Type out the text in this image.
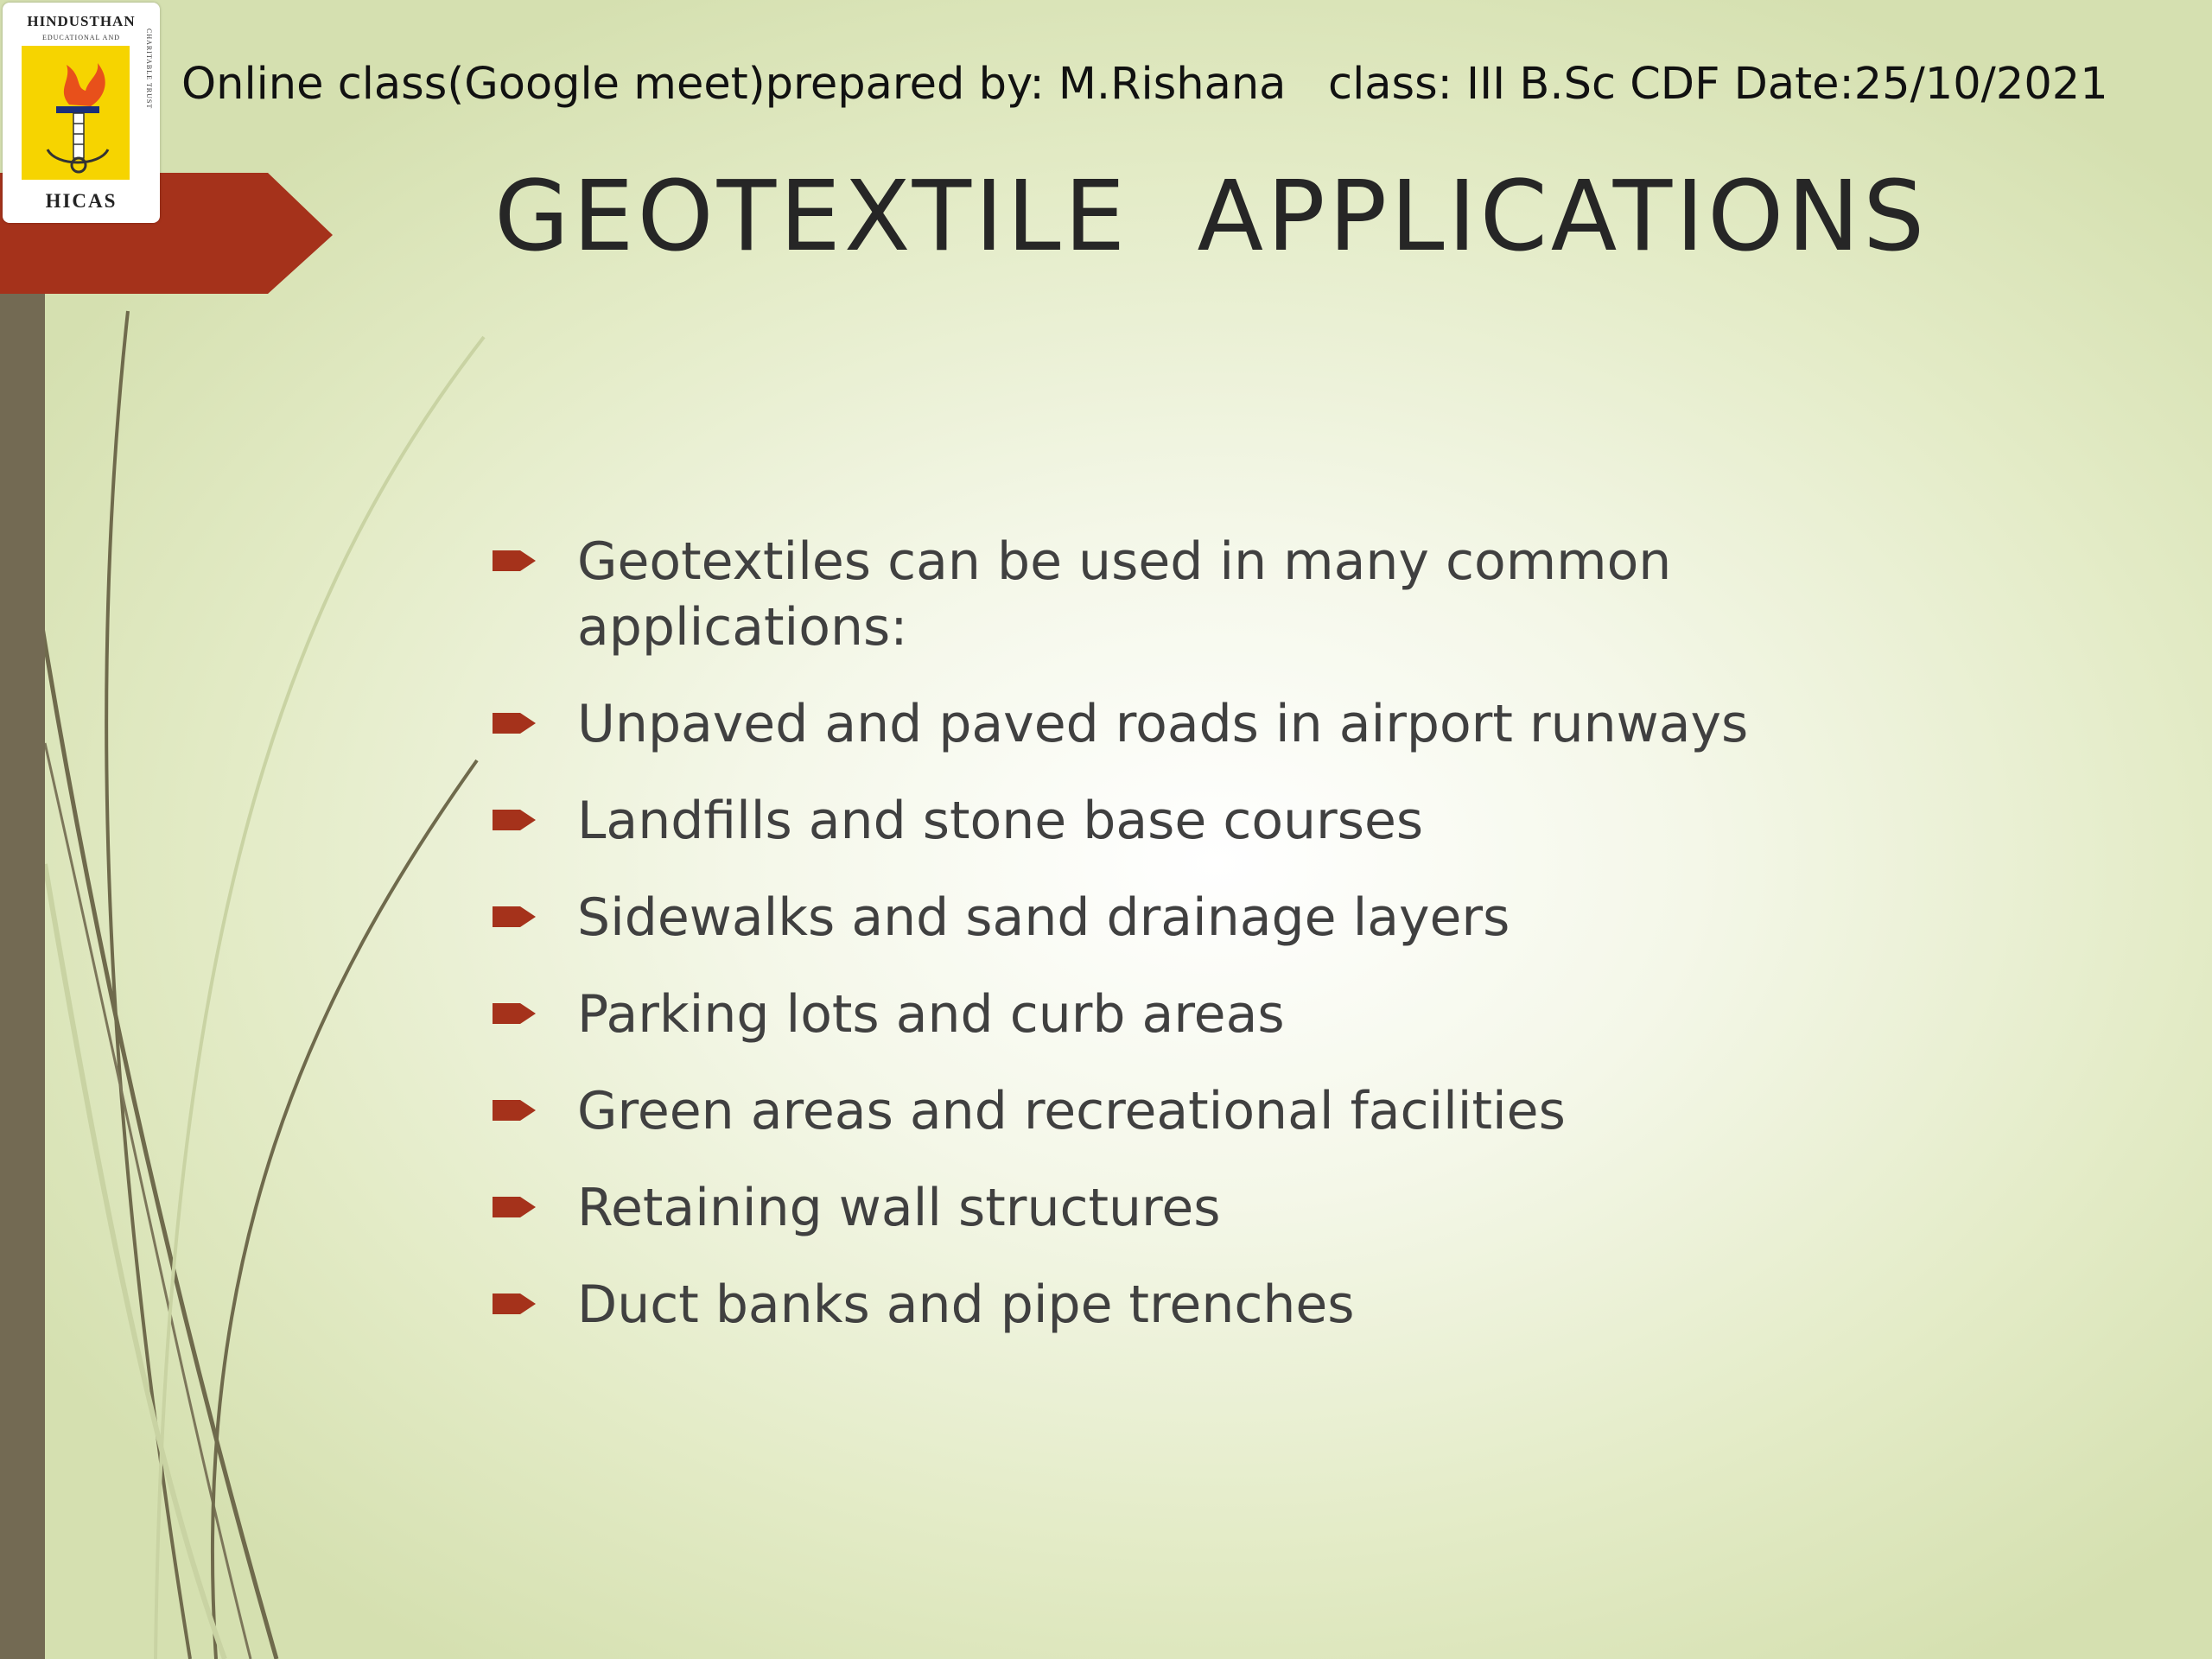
HINDUSTHAN
EDUCATIONAL AND	CHARITABLE TRUST
HICAS
Online class(Google meet)prepared by: M.Rishana   class: III B.Sc CDF Date:25/10/2021
GEOTEXTILE  APPLICATIONS
Geotextiles can be used in many common applications:
Unpaved and paved roads in airport runways
Landfills and stone base courses
Sidewalks and sand drainage layers
Parking lots and curb areas
Green areas and recreational facilities
Retaining wall structures
Duct banks and pipe trenches
